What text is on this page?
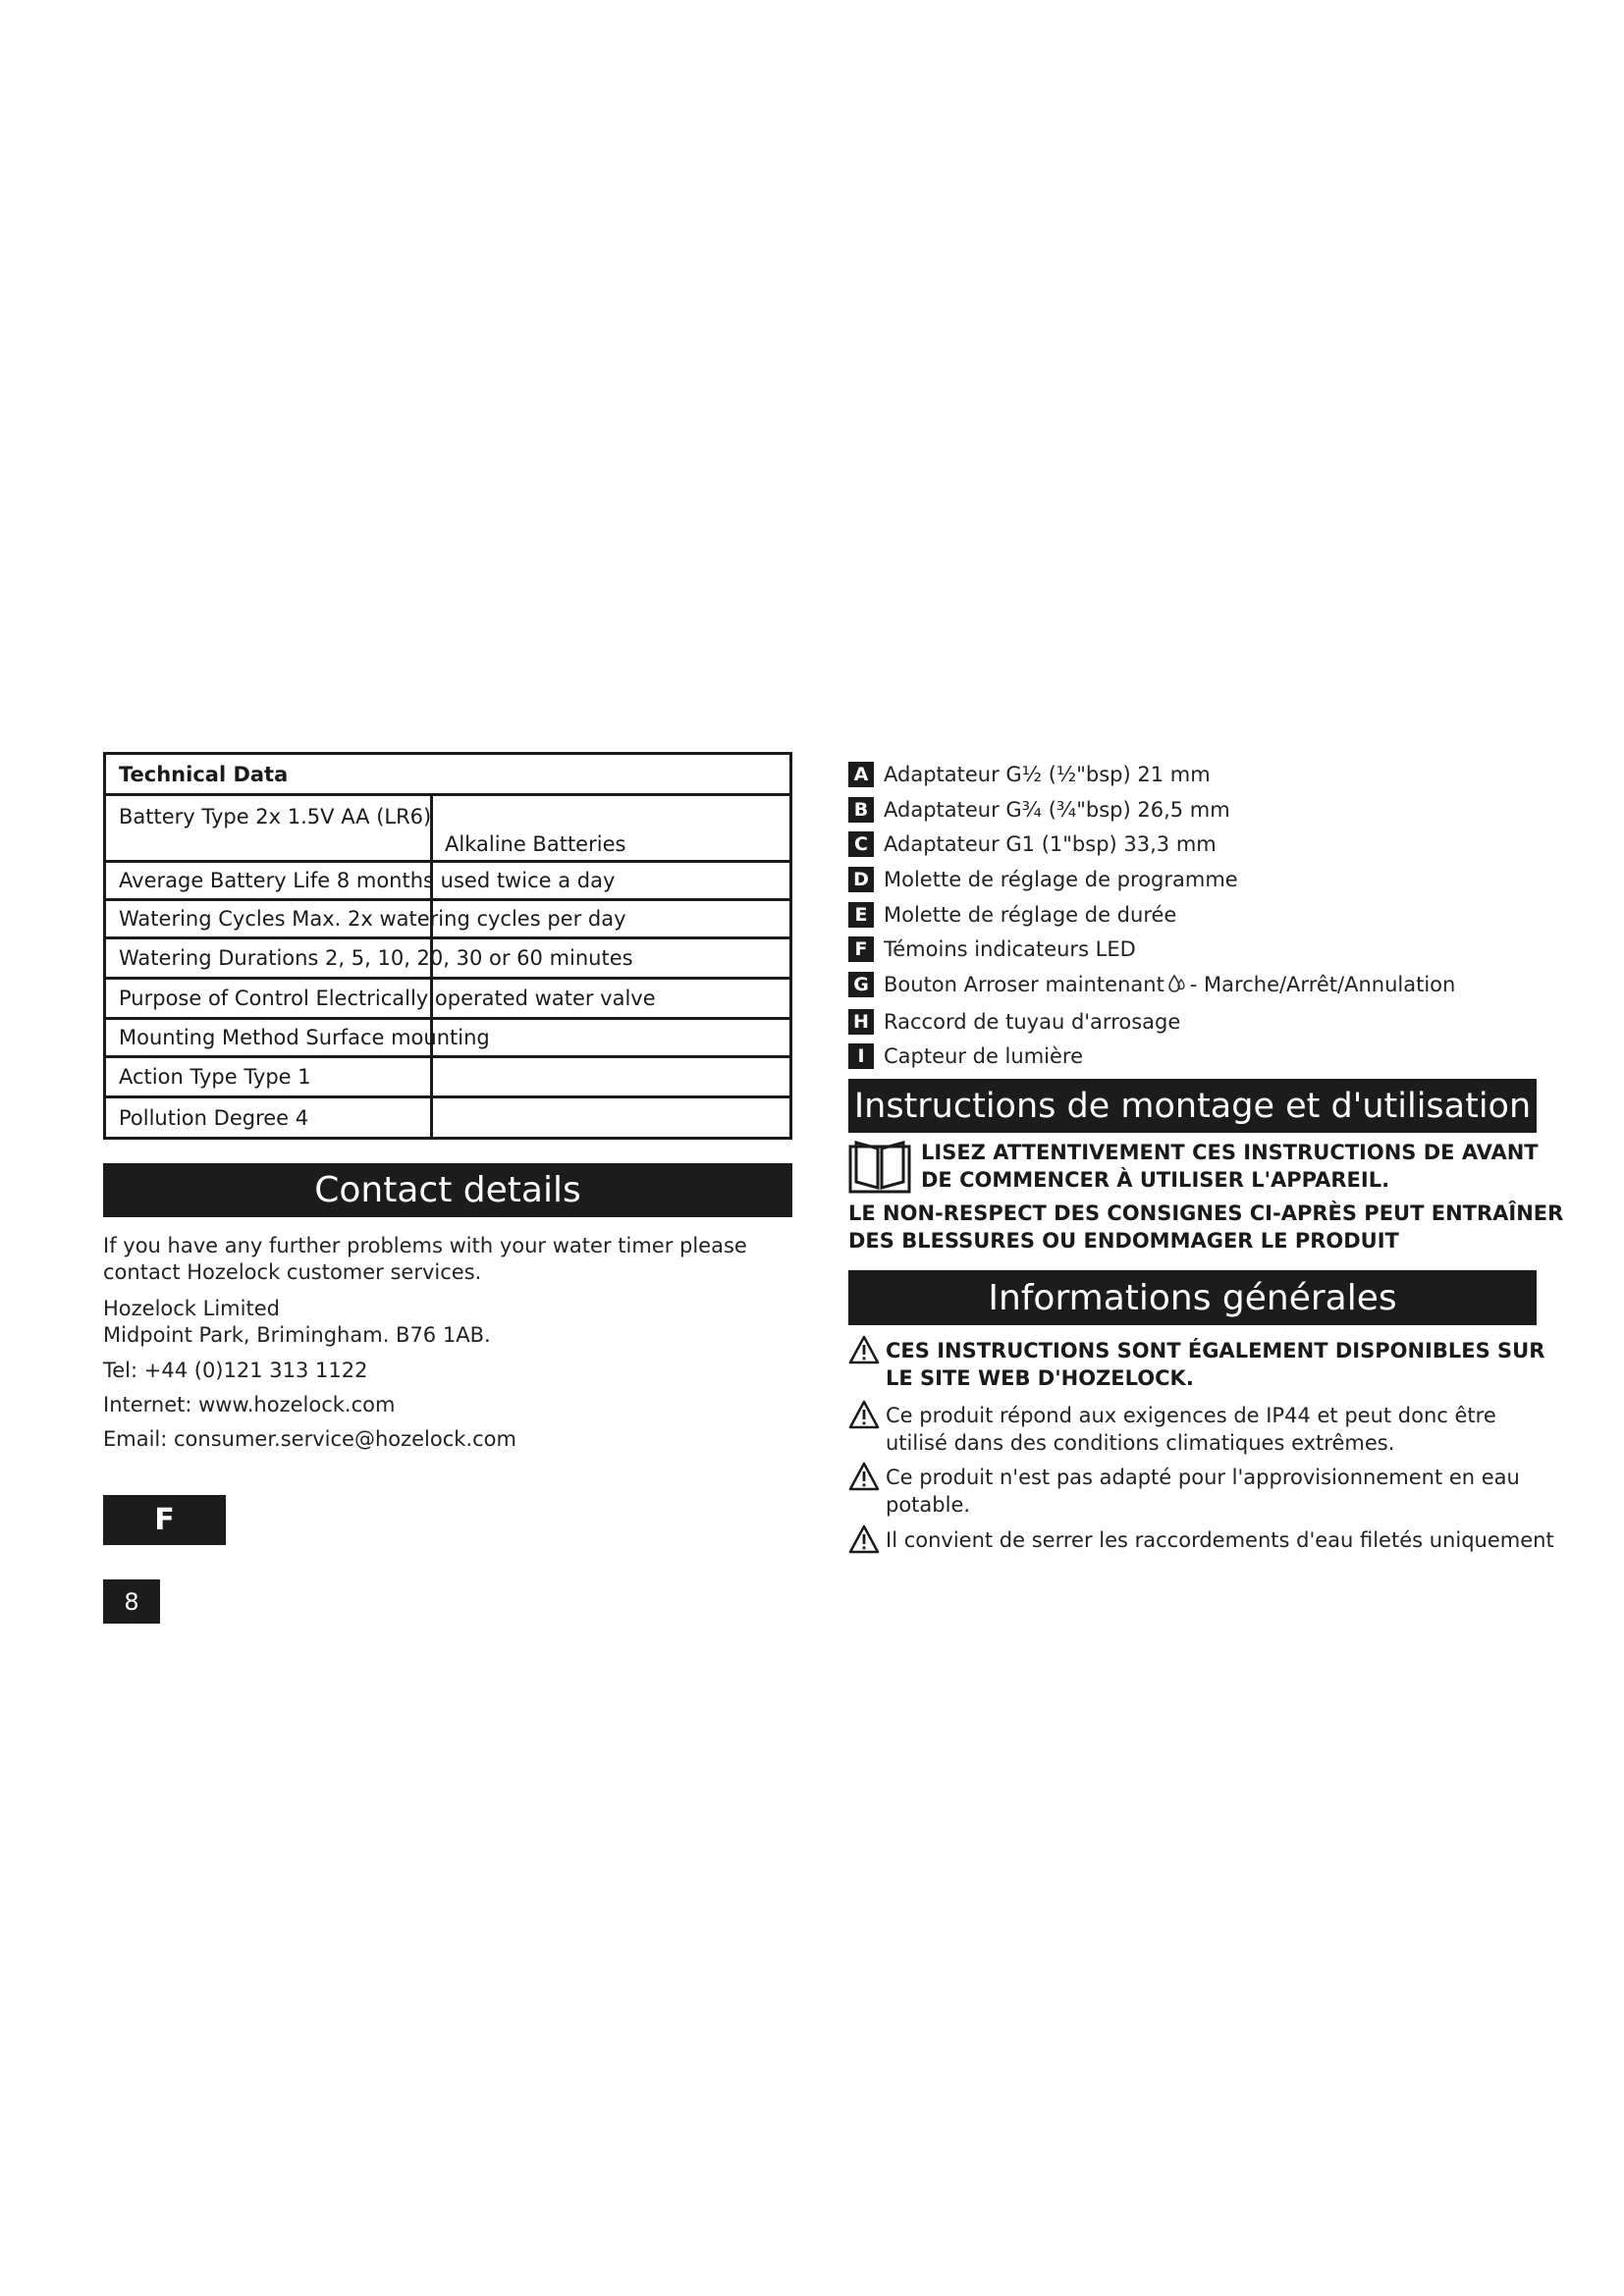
Technical Data
Battery Type 2x 1.5V AA (LR6)
Alkaline Batteries
Average Battery Life 8 months used twice a day
Watering Cycles Max. 2x watering cycles per day
Watering Durations 2, 5, 10, 20, 30 or 60 minutes
Purpose of Control Electrically operated water valve
Mounting Method Surface mounting
Action Type Type 1
Pollution Degree 4
Contact details
If you have any further problems with your water timer please
contact Hozelock customer services.
Hozelock Limited
Midpoint Park, Brimingham. B76 1AB.
Tel: +44 (0)121 313 1122
Internet: www.hozelock.com
Email: consumer.service@hozelock.com
F
8
A Adaptateur G½ (½"bsp) 21 mm
B Adaptateur G¾ (¾"bsp) 26,5 mm
C Adaptateur G1 (1"bsp) 33,3 mm
D Molette de réglage de programme
E Molette de réglage de durée
F Témoins indicateurs LED
G Bouton Arroser maintenant - Marche/Arrêt/Annulation
H Raccord de tuyau d'arrosage
I Capteur de lumière
Instructions de montage et d'utilisation
LISEZ ATTENTIVEMENT CES INSTRUCTIONS DE AVANT
DE COMMENCER À UTILISER L'APPAREIL.
LE NON-RESPECT DES CONSIGNES CI-APRÈS PEUT ENTRAÎNER
DES BLESSURES OU ENDOMMAGER LE PRODUIT
Informations générales
CES INSTRUCTIONS SONT ÉGALEMENT DISPONIBLES SUR
LE SITE WEB D'HOZELOCK.
Ce produit répond aux exigences de IP44 et peut donc être
utilisé dans des conditions climatiques extrêmes.
Ce produit n'est pas adapté pour l'approvisionnement en eau
potable.
Il convient de serrer les raccordements d'eau filetés uniquement
